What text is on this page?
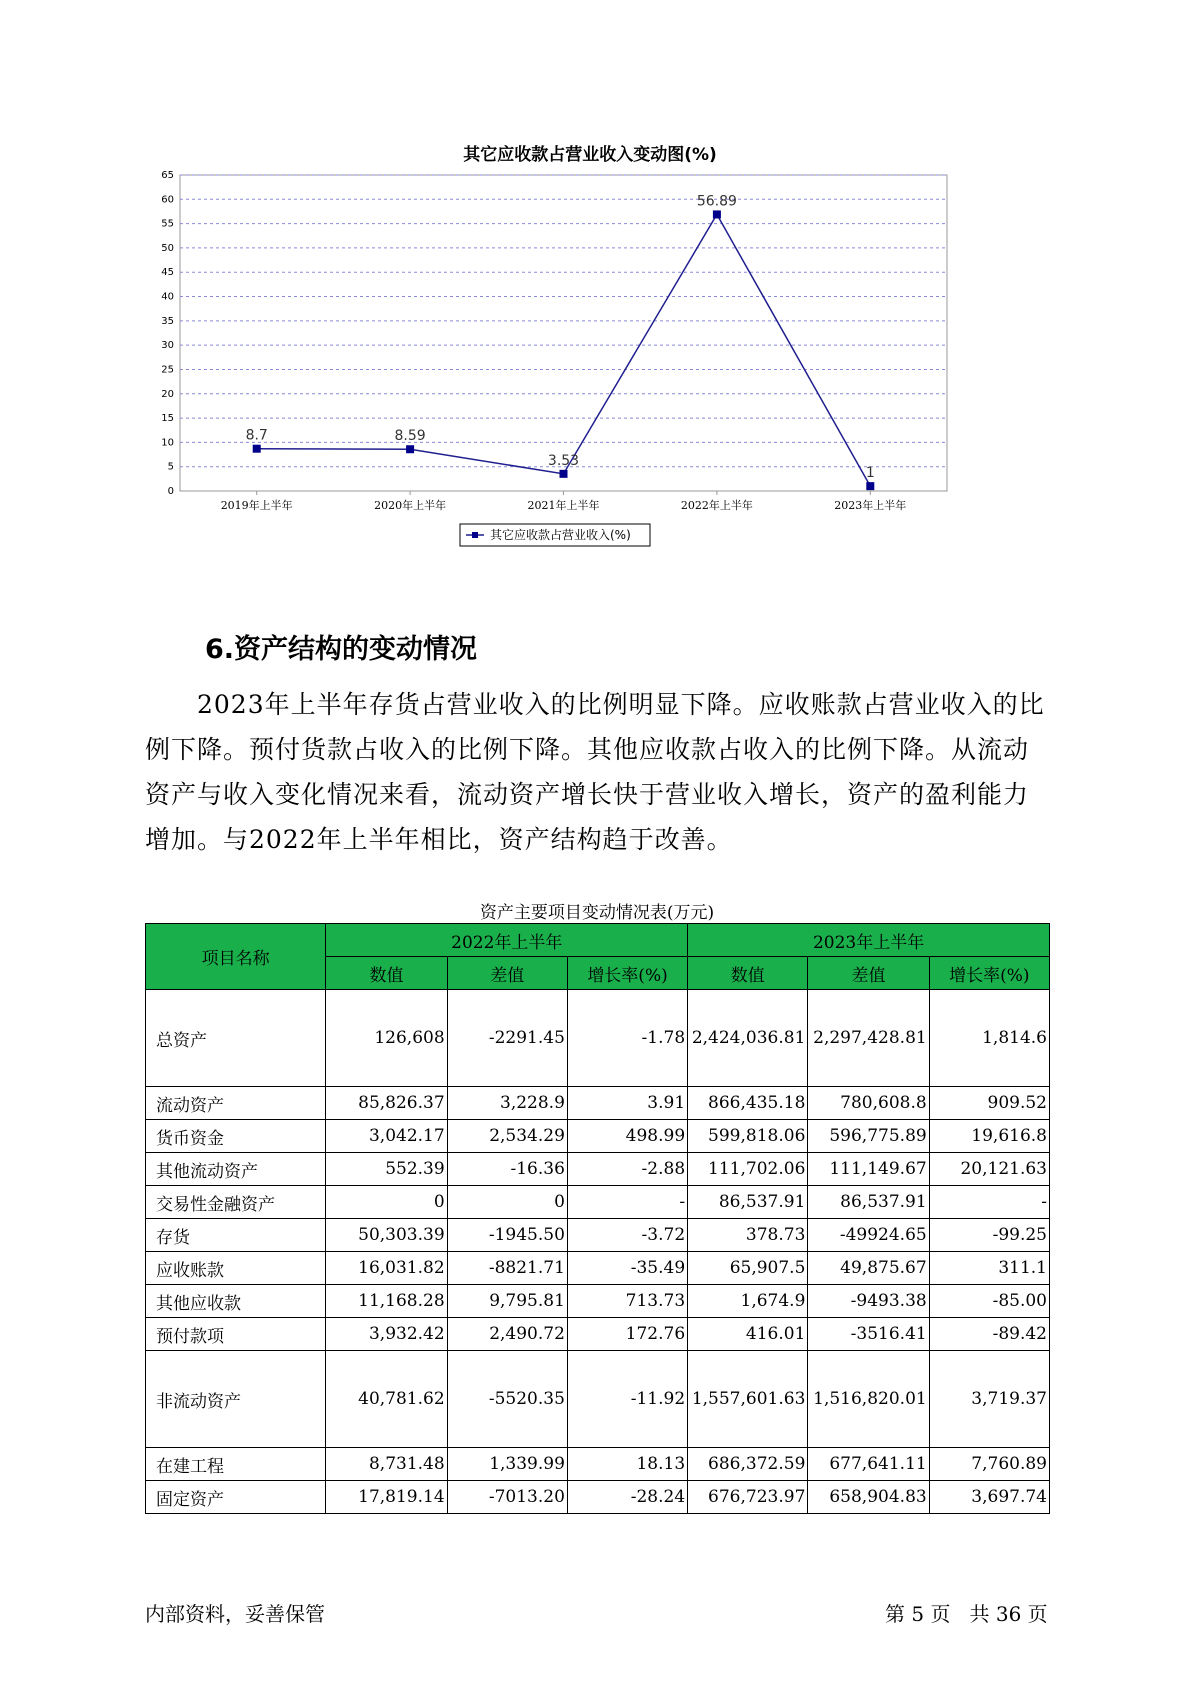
其它应收款占营业收入变动图(%)
0
5
10
15
20
25
30
35
40
45
50
55
60
65
2019年上半年	2020年上半年	2021年上半年	2022年上半年	2023年上半年
8.7	8.59
3.53
56.89
1
其它应收款占营业收入(%)
6.资产结构的变动情况

2023年上半年存货占营业收入的比例明显下降。应收账款占营业收入的比例下降。预付货款占收入的比例下降。其他应收款占收入的比例下降。从流动资产与收入变化情况来看，流动资产增长快于营业收入增长，资产的盈利能力增加。与2022年上半年相比，资产结构趋于改善。

资产主要项目变动情况表(万元)
项目名称	2022年上半年			2023年上半年		
	数值	差值	增长率(%)	数值	差值	增长率(%)
总资产	126,608	-2291.45	-1.78	2,424,036.81	2,297,428.81	1,814.6
流动资产	85,826.37	3,228.9	3.91	866,435.18	780,608.8	909.52
货币资金	3,042.17	2,534.29	498.99	599,818.06	596,775.89	19,616.8
其他流动资产	552.39	-16.36	-2.88	111,702.06	111,149.67	20,121.63
交易性金融资产	0	0	-	86,537.91	86,537.91	-
存货	50,303.39	-1945.50	-3.72	378.73	-49924.65	-99.25
应收账款	16,031.82	-8821.71	-35.49	65,907.5	49,875.67	311.1
其他应收款	11,168.28	9,795.81	713.73	1,674.9	-9493.38	-85.00
预付款项	3,932.42	2,490.72	172.76	416.01	-3516.41	-89.42
非流动资产	40,781.62	-5520.35	-11.92	1,557,601.63	1,516,820.01	3,719.37
在建工程	8,731.48	1,339.99	18.13	686,372.59	677,641.11	7,760.89
固定资产	17,819.14	-7013.20	-28.24	676,723.97	658,904.83	3,697.74
内部资料，妥善保管	第 5 页   共 36 页
